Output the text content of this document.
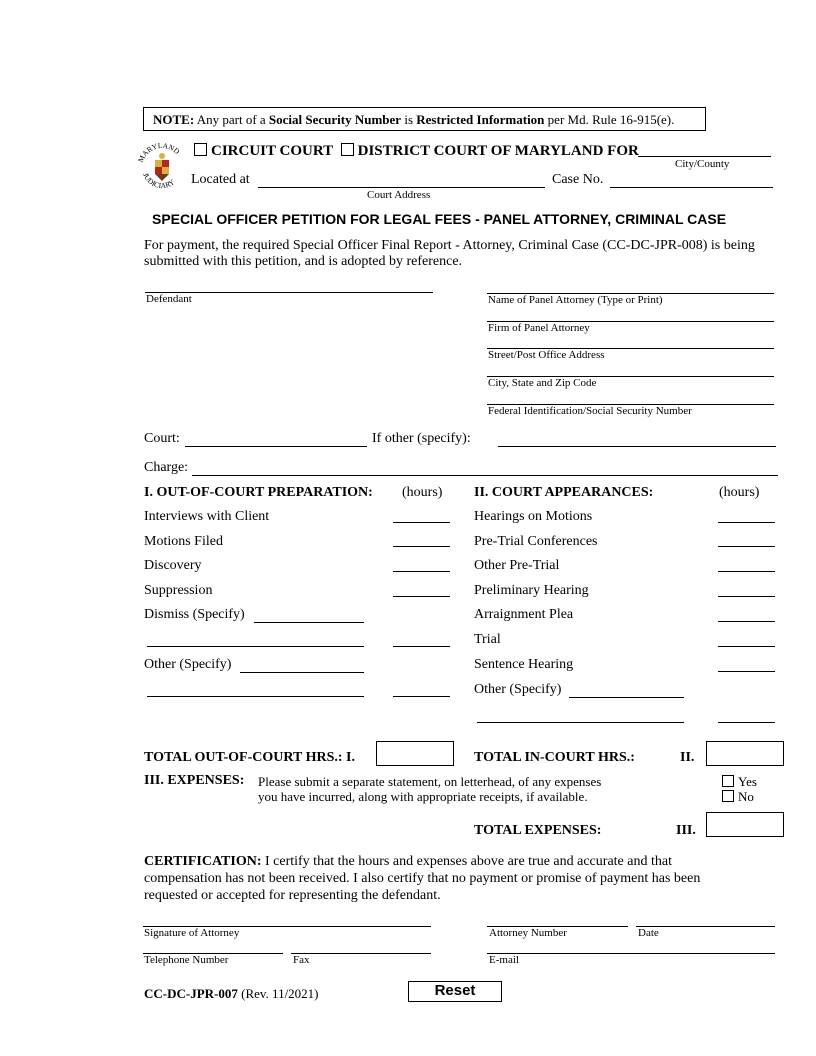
NOTE: Any part of a Social Security Number is Restricted Information per Md. Rule 16-915(e).
MARYLAND
JUDICIARY
CIRCUIT COURT DISTRICT COURT OF MARYLAND FOR
City/County
Located at
Court Address
Case No.
SPECIAL OFFICER PETITION FOR LEGAL FEES - PANEL ATTORNEY, CRIMINAL CASE
For payment, the required Special Officer Final Report - Attorney, Criminal Case (CC-DC-JPR-008) is being submitted with this petition, and is adopted by reference.
Defendant	Name of Panel Attorney (Type or Print)
Firm of Panel Attorney
Street/Post Office Address
City, State and Zip Code
Federal Identification/Social Security Number
Court:	If other (specify):
Charge:
I. OUT-OF-COURT PREPARATION: (hours)
Interviews with Client
Motions Filed
Discovery
Suppression
Dismiss (Specify)
Other (Specify)
II. COURT APPEARANCES:	(hours)
Hearings on Motions
Pre-Trial Conferences
Other Pre-Trial
Preliminary Hearing
Arraignment Plea
Trial
Sentence Hearing
Other (Specify)
TOTAL OUT-OF-COURT HRS.: I.	TOTAL IN-COURT HRS.:	II.
III. EXPENSES: Please submit a separate statement, on letterhead, of any expenses
you have incurred, along with appropriate receipts, if available.
Yes
No
TOTAL EXPENSES:	III.
CERTIFICATION: I certify that the hours and expenses above are true and accurate and that
compensation has not been received. I also certify that no payment or promise of payment has been
requested or accepted for representing the defendant.
Signature of Attorney	Attorney Number	Date
Telephone Number	Fax	E-mail
CC-DC-JPR-007 (Rev. 11/2021)	Reset
